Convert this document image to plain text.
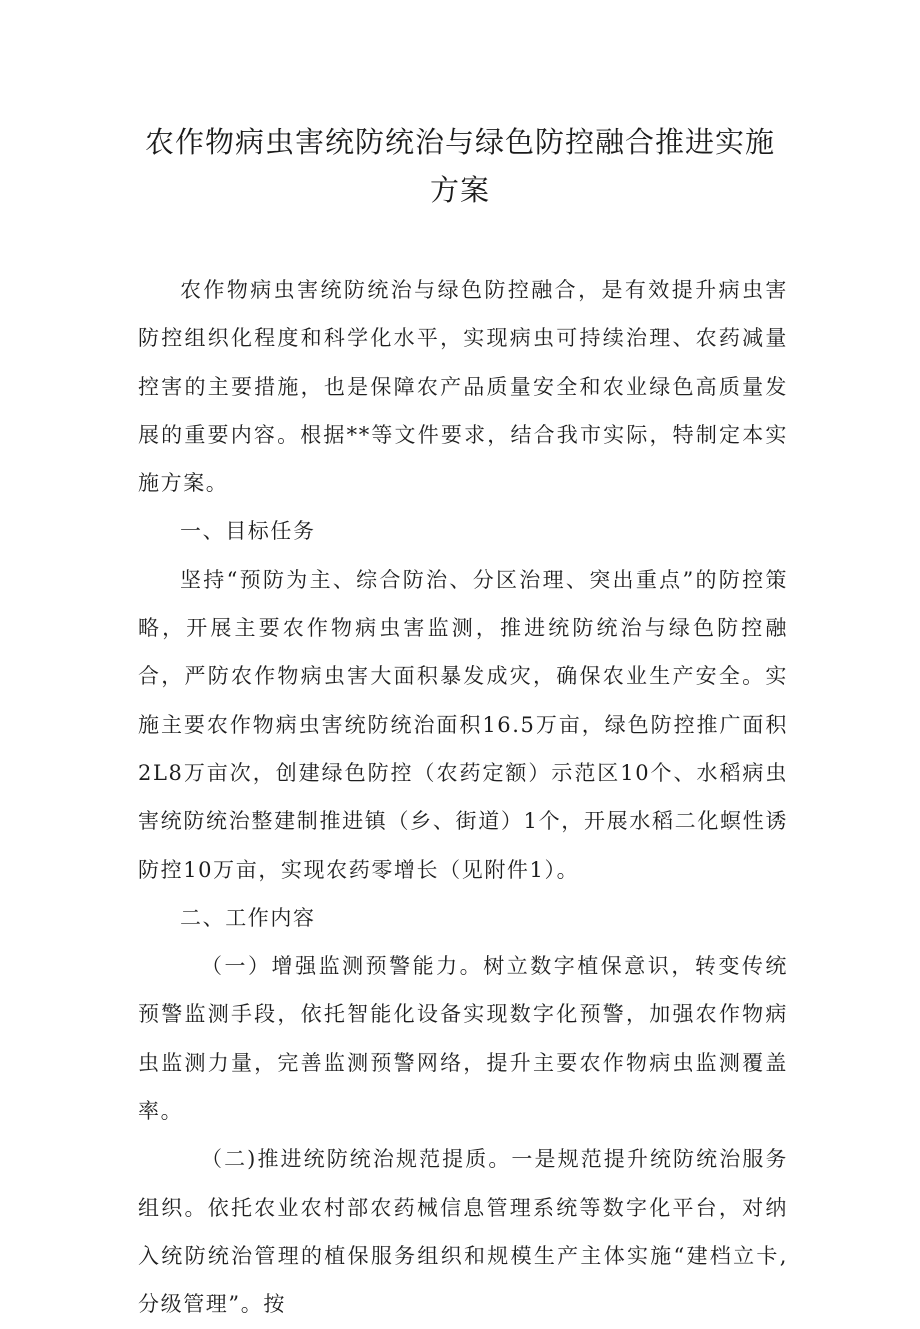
农作物病虫害统防统治与绿色防控融合推进实施方案

农作物病虫害统防统治与绿色防控融合，是有效提升病虫害防控组织化程度和科学化水平，实现病虫可持续治理、农药减量控害的主要措施，也是保障农产品质量安全和农业绿色高质量发展的重要内容。根据**等文件要求，结合我市实际，特制定本实施方案。

一、目标任务

坚持“预防为主、综合防治、分区治理、突出重点”的防控策略，开展主要农作物病虫害监测，推进统防统治与绿色防控融合，严防农作物病虫害大面积暴发成灾，确保农业生产安全。实施主要农作物病虫害统防统治面积16.5万亩，绿色防控推广面积2L8万亩次，创建绿色防控（农药定额）示范区10个、水稻病虫害统防统治整建制推进镇（乡、街道）1个，开展水稻二化螟性诱防控10万亩，实现农药零增长（见附件1）。

二、工作内容

（一）增强监测预警能力。树立数字植保意识，转变传统预警监测手段，依托智能化设备实现数字化预警，加强农作物病虫监测力量，完善监测预警网络，提升主要农作物病虫监测覆盖率。

（二)推进统防统治规范提质。一是规范提升统防统治服务组织。依托农业农村部农药械信息管理系统等数字化平台，对纳入统防统治管理的植保服务组织和规模生产主体实施“建档立卡,分级管理”。按
